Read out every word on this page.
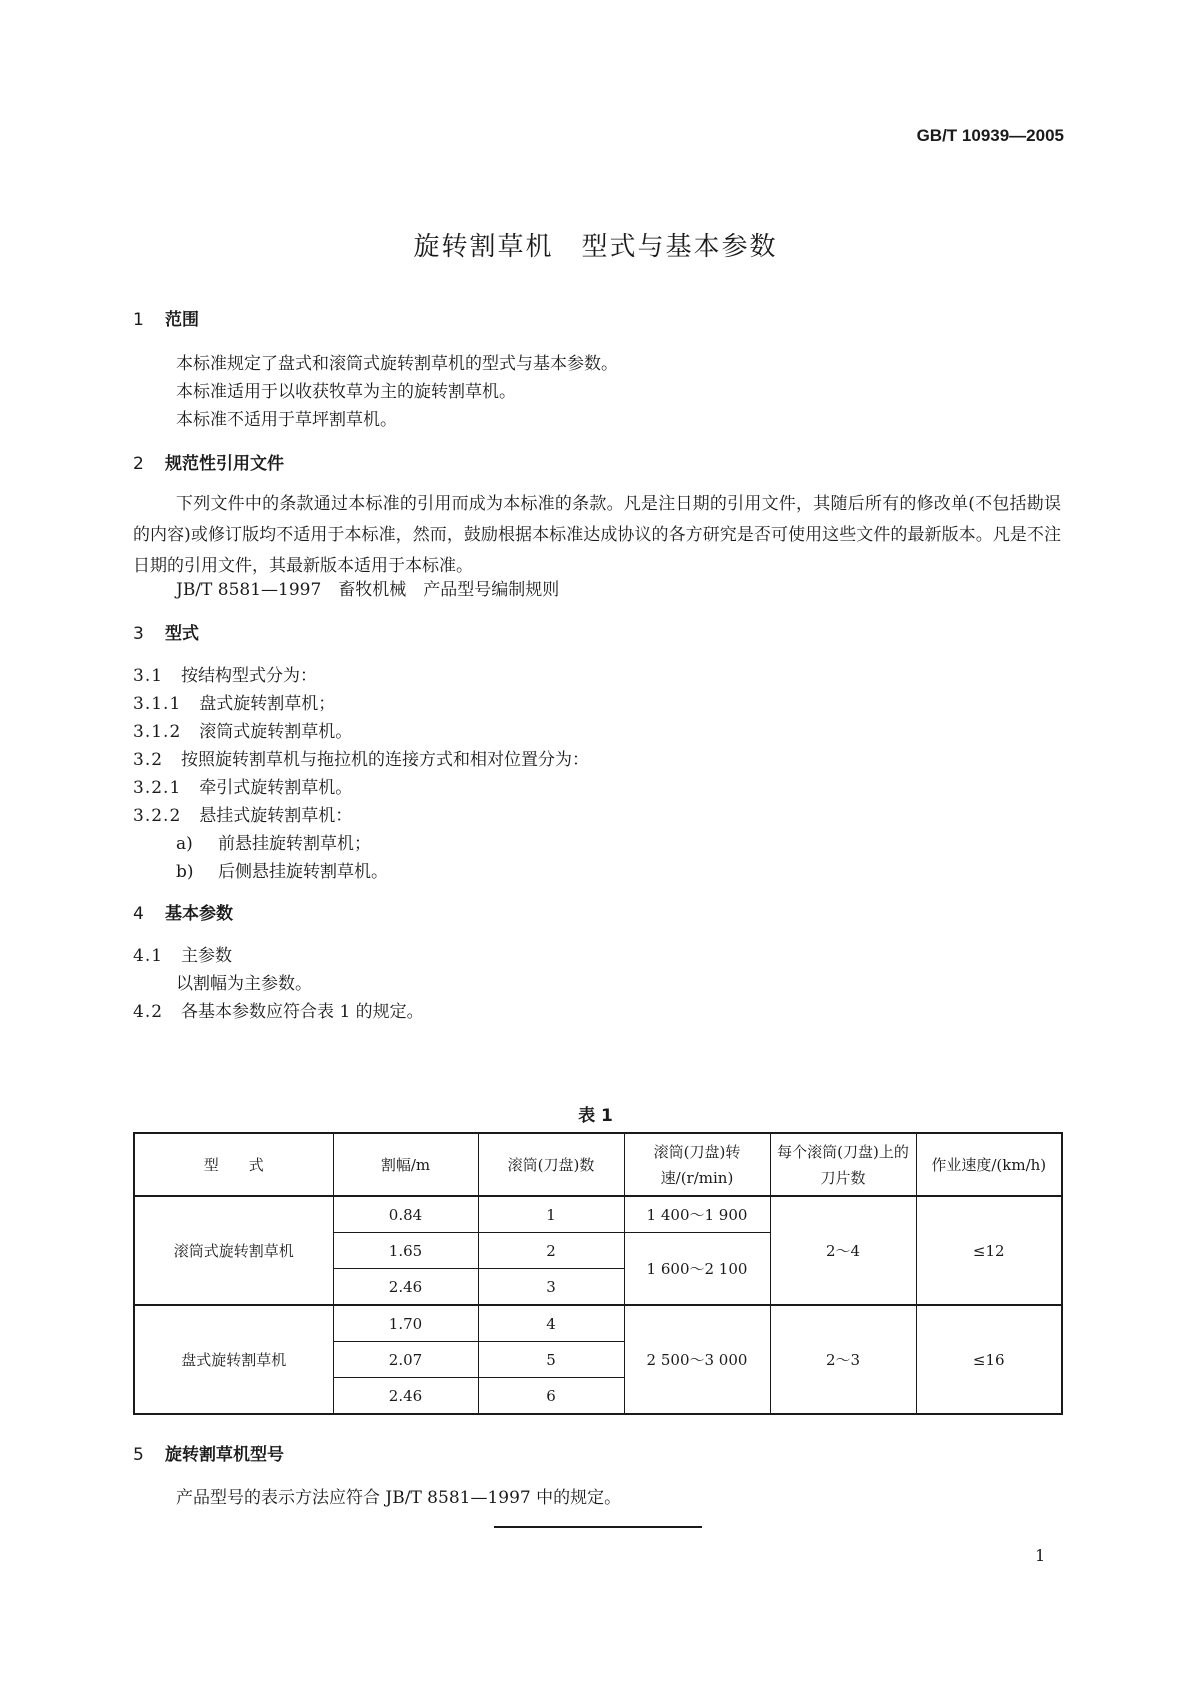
GB/T 10939—2005
旋转割草机　型式与基本参数
1 范围
本标准规定了盘式和滚筒式旋转割草机的型式与基本参数。
本标准适用于以收获牧草为主的旋转割草机。
本标准不适用于草坪割草机。
2 规范性引用文件
下列文件中的条款通过本标准的引用而成为本标准的条款。凡是注日期的引用文件，其随后所有的修改单(不包括勘误的内容)或修订版均不适用于本标准，然而，鼓励根据本标准达成协议的各方研究是否可使用这些文件的最新版本。凡是不注日期的引用文件，其最新版本适用于本标准。
JB/T 8581—1997　畜牧机械　产品型号编制规则
3 型式
3.1 按结构型式分为：
3.1.1 盘式旋转割草机；
3.1.2 滚筒式旋转割草机。
3.2 按照旋转割草机与拖拉机的连接方式和相对位置分为：
3.2.1 牵引式旋转割草机。
3.2.2 悬挂式旋转割草机：
a) 前悬挂旋转割草机；
b) 后侧悬挂旋转割草机。
4 基本参数
4.1 主参数
以割幅为主参数。
4.2 各基本参数应符合表 1 的规定。
表 1
型　　式	割幅/m	滚筒(刀盘)数	滚筒(刀盘)转速/(r/min)	每个滚筒(刀盘)上的刀片数	作业速度/(km/h)
滚筒式旋转割草机	0.84	1	1 400～1 900	2～4	≤12
	1.65	2	1 600～2 100		
	2.46	3			
盘式旋转割草机	1.70	4	2 500～3 000	2～3	≤16
	2.07	5			
	2.46	6			
5 旋转割草机型号
产品型号的表示方法应符合 JB/T 8581—1997 中的规定。
1
